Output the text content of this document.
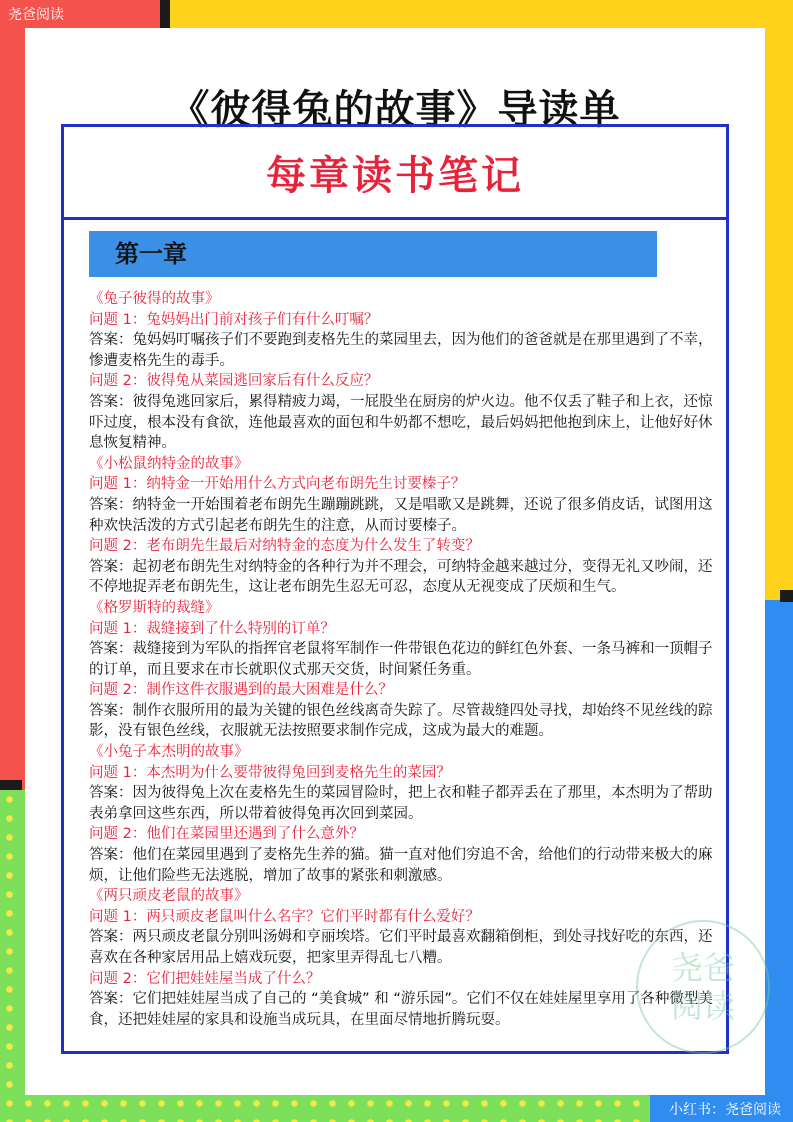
尧爸阅读
小红书：尧爸阅读
《彼得兔的故事》导读单
每章读书笔记
第一章

《兔子彼得的故事》

问题 1：兔妈妈出门前对孩子们有什么叮嘱？

答案：兔妈妈叮嘱孩子们不要跑到麦格先生的菜园里去，因为他们的爸爸就是在那里遇到了不幸，惨遭麦格先生的毒手。

问题 2：彼得兔从菜园逃回家后有什么反应？

答案：彼得兔逃回家后，累得精疲力竭，一屁股坐在厨房的炉火边。他不仅丢了鞋子和上衣，还惊吓过度，根本没有食欲，连他最喜欢的面包和牛奶都不想吃，最后妈妈把他抱到床上，让他好好休息恢复精神。

《小松鼠纳特金的故事》

问题 1：纳特金一开始用什么方式向老布朗先生讨要榛子？

答案：纳特金一开始围着老布朗先生蹦蹦跳跳，又是唱歌又是跳舞，还说了很多俏皮话，试图用这种欢快活泼的方式引起老布朗先生的注意，从而讨要榛子。

问题 2：老布朗先生最后对纳特金的态度为什么发生了转变？

答案：起初老布朗先生对纳特金的各种行为并不理会，可纳特金越来越过分，变得无礼又吵闹，还不停地捉弄老布朗先生，这让老布朗先生忍无可忍，态度从无视变成了厌烦和生气。

《格罗斯特的裁缝》

问题 1：裁缝接到了什么特别的订单？

答案：裁缝接到为军队的指挥官老鼠将军制作一件带银色花边的鲜红色外套、一条马裤和一顶帽子的订单，而且要求在市长就职仪式那天交货，时间紧任务重。

问题 2：制作这件衣服遇到的最大困难是什么？

答案：制作衣服所用的最为关键的银色丝线离奇失踪了。尽管裁缝四处寻找，却始终不见丝线的踪影，没有银色丝线，衣服就无法按照要求制作完成，这成为最大的难题。

《小兔子本杰明的故事》

问题 1：本杰明为什么要带彼得兔回到麦格先生的菜园？

答案：因为彼得兔上次在麦格先生的菜园冒险时，把上衣和鞋子都弄丢在了那里，本杰明为了帮助表弟拿回这些东西，所以带着彼得兔再次回到菜园。

问题 2：他们在菜园里还遇到了什么意外？

答案：他们在菜园里遇到了麦格先生养的猫。猫一直对他们穷追不舍，给他们的行动带来极大的麻烦，让他们险些无法逃脱，增加了故事的紧张和刺激感。

《两只顽皮老鼠的故事》

问题 1：两只顽皮老鼠叫什么名字？它们平时都有什么爱好？

答案：两只顽皮老鼠分别叫汤姆和亨丽埃塔。它们平时最喜欢翻箱倒柜，到处寻找好吃的东西，还喜欢在各种家居用品上嬉戏玩耍，把家里弄得乱七八糟。

问题 2：它们把娃娃屋当成了什么？

答案：它们把娃娃屋当成了自己的 “美食城” 和 “游乐园”。它们不仅在娃娃屋里享用了各种微型美食，还把娃娃屋的家具和设施当成玩具，在里面尽情地折腾玩耍。

尧爸
阅读
